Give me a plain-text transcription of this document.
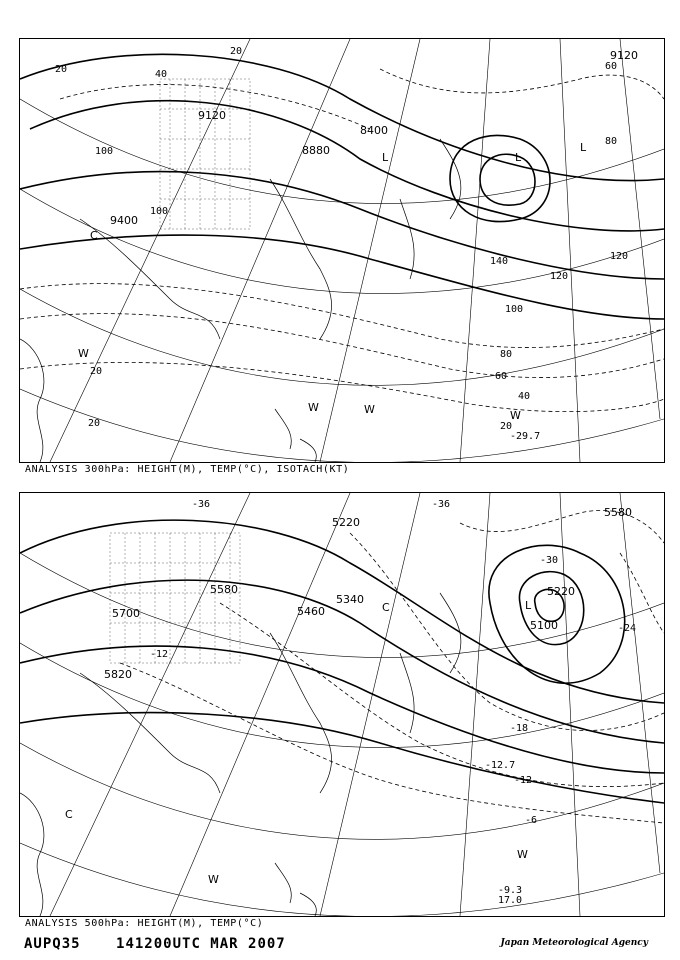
9120
9120
8880
9400
8400
20
40
60
80
100
120
140
100
120
100
80
60
40
20
20
20	20
L
L
L
W
W	W	W
C
-29.7
ANALYSIS 300hPa: HEIGHT(M), TEMP(°C), ISOTACH(KT)
5220
5340
5460
5580
5700
5820
5580
5220
5100
-36	-36
-30
-24
-18
-12
-6
-12
L
C
W
W
C
-12.7
-9.3
17.0
ANALYSIS 500hPa: HEIGHT(M), TEMP(°C)
AUPQ35	141200UTC MAR 2007	Japan Meteorological Agency
